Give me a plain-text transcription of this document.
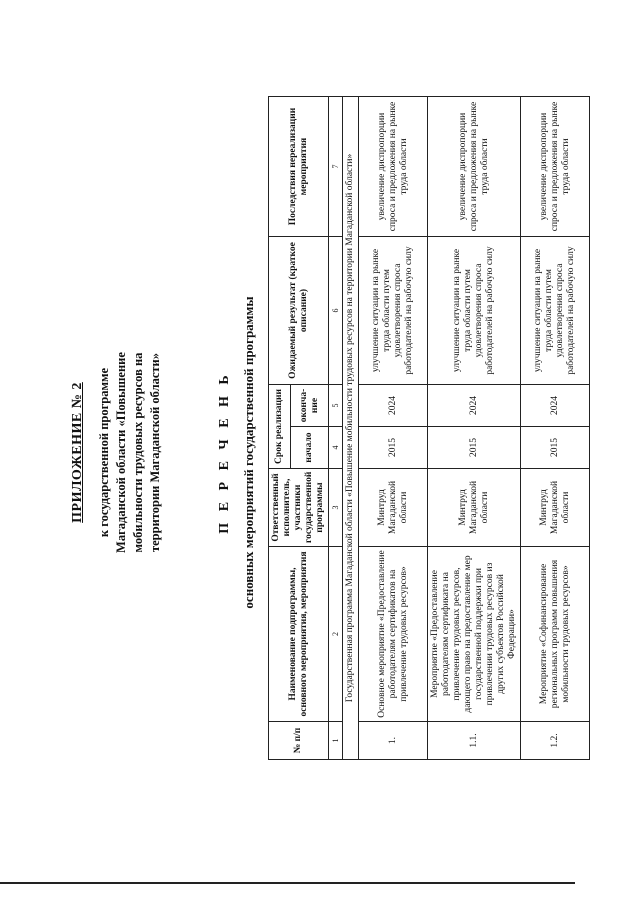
ПРИЛОЖЕНИЕ № 2 к государственной программе Магаданской области «Повышение мобильности трудовых ресурсов на территории Магаданской области»	П Е Р Е Ч Е Н Ь основных мероприятий государственной программы
№ п/п	Наименование подпрограммы, основного мероприятия, мероприятия	Ответственный исполнитель, участники государственной программы	Срок реализации		Ожидаемый результат (краткое описание)	Последствия нереализации мероприятия
			начало	оконча-ние		
1	2	3	4	5	6	7
Государственная программа Магаданской области «Повышение мобильности трудовых ресурсов на территории Магаданской области»						
1.	Основное мероприятие «Предоставление работодателям сертификатов на привлечение трудовых ресурсов»	Минтруд Магаданской области	2015	2024	улучшение ситуации на рынке труда области путем удовлетворения спроса работодателей на рабочую силу	увеличение диспропорции спроса и предложения на рынке труда области
1.1.	Мероприятие «Предоставление работодателям сертификата на привлечение трудовых ресурсов, дающего право на предоставление мер государственной поддержки при привлечении трудовых ресурсов из других субъектов Российской Федерации»	Минтруд Магаданской области	2015	2024	улучшение ситуации на рынке труда области путем удовлетворения спроса работодателей на рабочую силу	увеличение диспропорции спроса и предложения на рынке труда области
1.2.	Мероприятие «Софинансирование региональных программ повышения мобильности трудовых ресурсов»	Минтруд Магаданской области	2015	2024	улучшение ситуации на рынке труда области путем удовлетворения спроса работодателей на рабочую силу	увеличение диспропорции спроса и предложения на рынке труда области
